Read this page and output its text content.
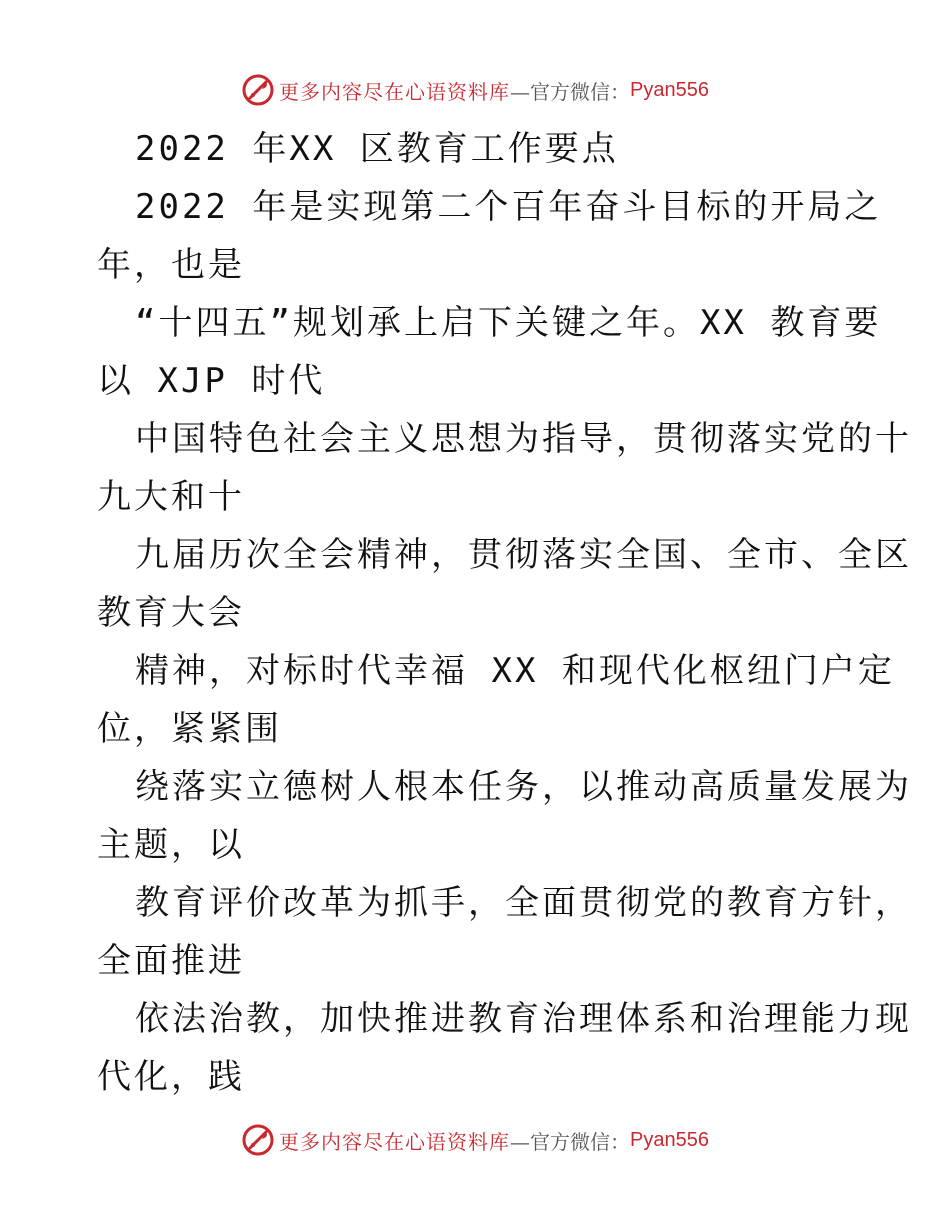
更多内容尽在心语资料库 —官方微信： Pyan556
2022 年XX 区教育工作要点
2022 年是实现第二个百年奋斗目标的开局之
年，也是
“十四五”规划承上启下关键之年。XX 教育要
以 XJP 时代
中国特色社会主义思想为指导，贯彻落实党的十
九大和十
九届历次全会精神，贯彻落实全国、全市、全区
教育大会
精神，对标时代幸福 XX 和现代化枢纽门户定
位，紧紧围
绕落实立德树人根本任务，以推动高质量发展为
主题，以
教育评价改革为抓手，全面贯彻党的教育方针，
全面推进
依法治教，加快推进教育治理体系和治理能力现
代化，践
更多内容尽在心语资料库 —官方微信： Pyan556
